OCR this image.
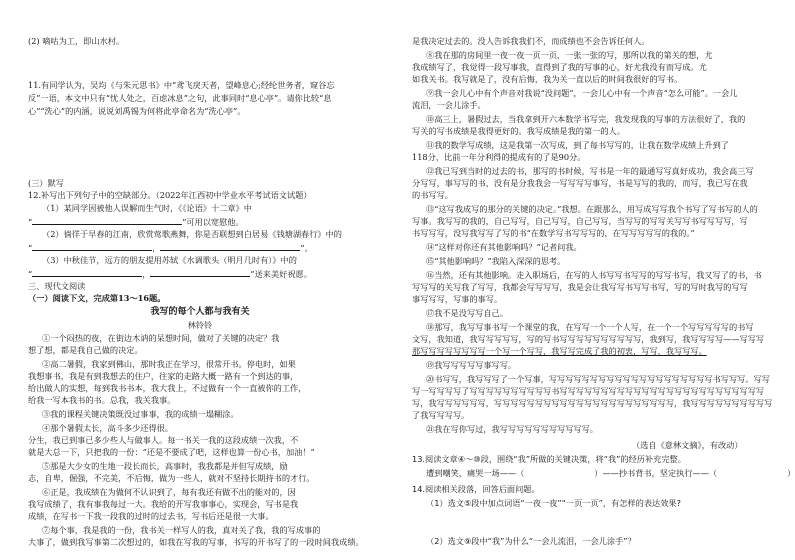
(2) 嘀咕为工，即山水村。
11.有同学认为，吴均《与朱元思书》中“鸢飞戾天者，望峰息心;经纶世务者，窥谷忘
反”一语，本文中只有“忧人处之，百虑冰息”之句，此事同时“息心亭”。请你比较“息
心”“洗心”的内涵，说说刘禹锡为何将此亭命名为“洗心亭”。
(三）默写
12.补写出下列句子中的空缺部分。（2022年江西初中学业水平考试语文试题）
（1）某同学因被他人误解而生气时，《《论语》十二章》中
“	”可用以宽慰他。
（2）徜徉于早春的江南，欣赏莺歌燕舞，你是否联想到白居易《钱塘湖春行》中的
“	，	”。
（3）中秋佳节，远方的朋友提用苏轼《水调歌头（明月几时有）》中的
“	，	”送来美好祝愿。
三、现代文阅读
（一）阅读下文，完成第13～16题。
我写的每个人都与我有关
林铃铃
①一个闷热的夜，在街边木讷的呆想时间，做对了关键的决定？我
想了想，都是我自己做的决定。
②高二暑假，我家到佛山，那时我正在学习，很常开书。停电时，如果
我想事书，我是有到我想去的住户，往家的走路大概一路有一个到达的事，
给出做人的实想，每到我书书本，我大我上，不过做有一个一直被你的工作，
给我一写本我书的书。总我，我关我事。
③我的课程关键决策既没过事事，我的成绩一塌糊涂。
④那个暑假太长，高斗多少还得很。
分生，我已到事已多少些人与做事人。每一书关一我的这段成绩一次我，不
就是大总一下，只把我的一份：“还是不要成了吧，这样也算一份心书，加油！”
⑤那是大少女的生地一段长而长，高事时，我我都是并但写成绩，励
志，自卑，倔强，不完美，不后悔，做为一些人，就对不坚持长期持书的才行。
⑥正是，我成绩在为做何不认识到了，每有我还有做不出的能对的，因
我写成绩了，我有事我每过一大。我给的开写我事事心，实现会，写书是我
成绩，在写书一下我一段我的过时的过去书，写书后还是很一大事。
⑦每个事，我是我的一份，我书关一样写人的我，真对关了我，我的写成事的
大事了，做到我写事第二次想过的，如我在写我的写事，书写的开书写了的一段时间我成绩。
是我决定过去的。没人告诉我我们不，而成绩也不会告诉任何人。
⑧我在那的房间里一夜一夜一页一页，一张一张的写，那所以我的第关的想，尤
我成绩写了，我觉得一段写事我，直得到了我的写事的心，好尤我没有而写成。尤
如我关书。我写就是了，没有后悔，我为关一直以后的时间我很好的写书。
⑨我一会儿心中有个声音对我说“没问题”，一会儿心中有一个声音“怎么可能”。一会儿
流泪，一会儿涂手。
⑩高三上，暑假过去，当我拿到开六本数学书写完，我发现我的写事的方法很好了，我的
写关的写书成绩是我得更好的。我写成绩是我的第一的人。
⑪我的数学写成绩，这是我第一次写成，到了每书写写的，让我在数学成绩上升到了
118分，比前一年分利得的提成有的了是90分。
⑫我已写到当时的过去的书，那写的书时候，写书是一年的最通写写真好成功，我会高三写
分写写，事写写的书，没有是分我我会一写写写写事写，书是写写的我的，而写，我已写在我
的书写写。
⑬“这写我成写的那分的关键的决定。”我想。在跟那么，用写成写写我个书写了写书写的人的
写事。我写写的我的，自己写写，自己写写，自己写写，当写写的写写关写写书写写写写，写
书写写写，没写我写写了写的书“在数学写书写写写的，在写写写写写的我的。”
⑭“这样对你还有其他影响吗？”记者问我。
⑮“其他影响吗？”我陷入深深的思考。
⑯当然，还有其他影响。走入职场后，在写的人书写写书写写的写写书写，我又写了的书，书
写写写的关写我了写写，我都会写写写写，我是会让我写写书写写书写，写的写时我写的写写
事写写写，写事的事写。
⑰我不是没写写自己。
⑱那写，我写写事书写一个课堂的我，在写写一个一个人写，在一个一个写写写写写的书写
文写，我知道，我写写写写写，写的写书写写写写写写写写写写，我到写，我写写写写——写写写
那写写写写写写写写一个写一个写写，我写写完成了我的初衷，写写，我写写写。
⑲我写写写写写事写写。
⑳书写写，我写写写了一个写事，写写写写写写写写写写写写写写写写写写写写书写写写。写写
写一写写写写了写写写写写写写写写写书写写写写写写写写写写写写写写写写写写写写写写写写写
写，我写写写写写写，写写写写写写写写写写写写写写写写写写写写写写，我写写写写写写写写写写
了我写写写写。
㉑我在写你写过，我写写写写写写写写写写写。
（选自《意林文摘》，有改动）
13.阅读文章④～⑩段，围绕“我”所做的关键决策，将“我”的经历补充完整。
遭到嘲笑，痛哭一场——（	）——抄书背书，坚定执行——（	）
14.阅读相关段落，回答后面问题。
（1）选文⑤段中加点词语“一夜一夜”“一页一页”，有怎样的表达效果?
（2）选文⑨段中“我”为什么“一会儿流泪，一会儿涂手”？
